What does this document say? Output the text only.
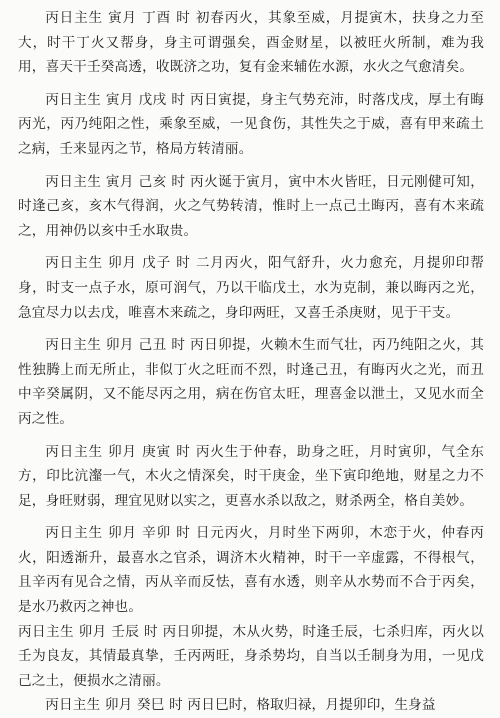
丙日主生 寅月 丁酉 时 初春丙火，其象至威，月提寅木，扶身之力至大，时干丁火又帮身，身主可谓强矣，酉金财星，以被旺火所制，难为我用，喜天干壬癸高透，收既济之功，复有金来辅佐水源，水火之气愈清矣。

丙日主生 寅月 戊戌 时 丙日寅提，身主气势充沛，时落戊戌，厚土有晦丙光，丙乃纯阳之性，乘象至威，一见食伤，其性失之于威，喜有甲来疏土之病，壬来显丙之节，格局方转清丽。

丙日主生 寅月 己亥 时 丙火诞于寅月，寅中木火皆旺，日元刚健可知，时逢己亥，亥木气得润，火之气势转清，惟时上一点己土晦丙，喜有木来疏之，用神仍以亥中壬水取贵。

丙日主生 卯月 戊子 时 二月丙火，阳气舒升，火力愈充，月提卯印帮身，时支一点子水，原可润气，乃以干临戊土，水为克制，兼以晦丙之光，急宜尽力以去戊，唯喜木来疏之，身印两旺，又喜壬杀庚财，见于干支。

丙日主生 卯月 己丑 时 丙日卯提，火赖木生而气壮，丙乃纯阳之火，其性独腾上而无所止，非似丁火之旺而不烈，时逢己丑，有晦丙火之光，而丑中辛癸属阴，又不能尽丙之用，病在伤官太旺，理喜金以泄土，又见水而全丙之性。

丙日主生 卯月 庚寅 时 丙火生于仲春，助身之旺，月时寅卯，气全东方，印比沆瀣一气，木火之情深矣，时干庚金，坐下寅印绝地，财星之力不足，身旺财弱，理宜见财以实之，更喜水杀以敌之，财杀两全，格自美妙。

丙日主生 卯月 辛卯 时 日元丙火，月时坐下两卯，木恋于火，仲春丙火，阳透渐升，最喜水之官杀，调济木火精神，时干一辛虚露，不得根气，且辛丙有见合之情，丙从辛而反怯，喜有水透，则辛从水势而不合于丙矣，是水乃救丙之神也。

丙日主生 卯月 壬辰 时 丙日卯提，木从火势，时逢壬辰，七杀归库，丙火以壬为良友，其情最真挚，壬丙两旺，身杀势均，自当以壬制身为用，一见戊己之土，便损水之清丽。

丙日主生 卯月 癸巳 时 丙日巳时，格取归禄，月提卯印，生身益
